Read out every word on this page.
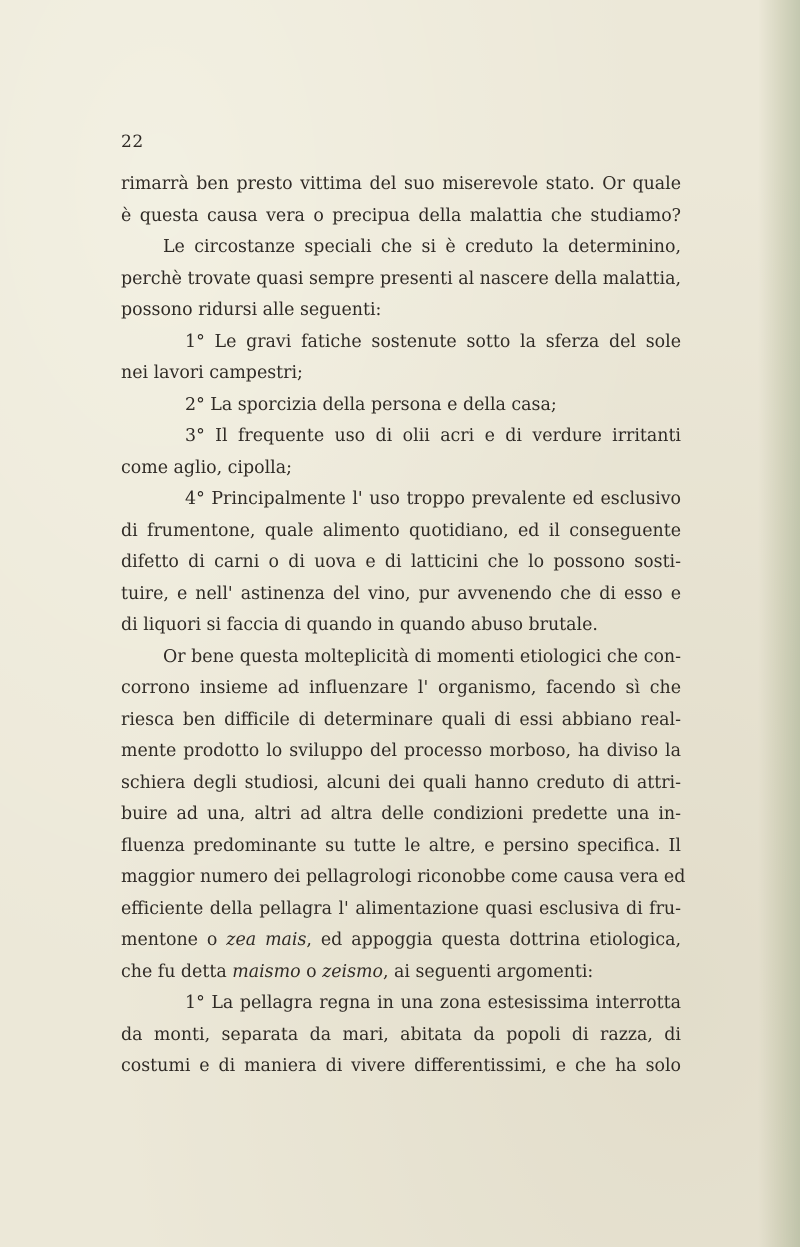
22
rimarrà ben presto vittima del suo miserevole stato. Or quale
è questa causa vera o precipua della malattia che studiamo?
Le circostanze speciali che si è creduto la determinino,
perchè trovate quasi sempre presenti al nascere della malattia,
possono ridursi alle seguenti:
1° Le gravi fatiche sostenute sotto la sferza del sole
nei lavori campestri;
2° La sporcizia della persona e della casa;
3° Il frequente uso di olii acri e di verdure irritanti
come aglio, cipolla;
4° Principalmente l' uso troppo prevalente ed esclusivo
di frumentone, quale alimento quotidiano, ed il conseguente
difetto di carni o di uova e di latticini che lo possono sosti-
tuire, e nell' astinenza del vino, pur avvenendo che di esso e
di liquori si faccia di quando in quando abuso brutale.
Or bene questa molteplicità di momenti etiologici che con-
corrono insieme ad influenzare l' organismo, facendo sì che
riesca ben difficile di determinare quali di essi abbiano real-
mente prodotto lo sviluppo del processo morboso, ha diviso la
schiera degli studiosi, alcuni dei quali hanno creduto di attri-
buire ad una, altri ad altra delle condizioni predette una in-
fluenza predominante su tutte le altre, e persino specifica. Il
maggior numero dei pellagrologi riconobbe come causa vera ed
efficiente della pellagra l' alimentazione quasi esclusiva di fru-
mentone o zea mais, ed appoggia questa dottrina etiologica,
che fu detta maismo o zeismo, ai seguenti argomenti:
1° La pellagra regna in una zona estesissima interrotta
da monti, separata da mari, abitata da popoli di razza, di
costumi e di maniera di vivere differentissimi, e che ha solo
